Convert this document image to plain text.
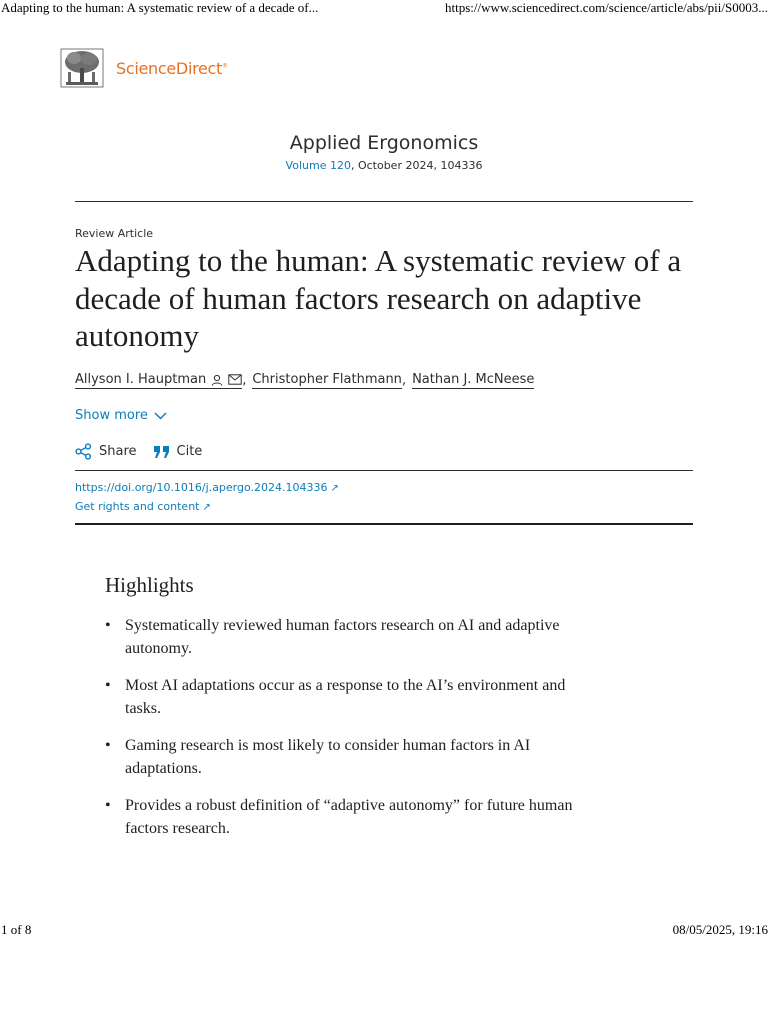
Adapting to the human: A systematic review of a decade of...	https://www.sciencedirect.com/science/article/abs/pii/S0003...
ScienceDirect®
Applied Ergonomics
Volume 120, October 2024, 104336
Review Article
Adapting to the human: A systematic review of a decade of human factors research on adaptive autonomy
Allyson I. Hauptman	, Christopher Flathmann , Nathan J. McNeese
Show more
Share	Cite
https://doi.org/10.1016/j.apergo.2024.104336 ↗
Get rights and content ↗
Highlights
• Systematically reviewed human factors research on AI and adaptive autonomy.
• Most AI adaptations occur as a response to the AI’s environment and tasks.
• Gaming research is most likely to consider human factors in AI adaptations.
• Provides a robust definition of “adaptive autonomy” for future human factors research.
1 of 8	08/05/2025, 19:16
